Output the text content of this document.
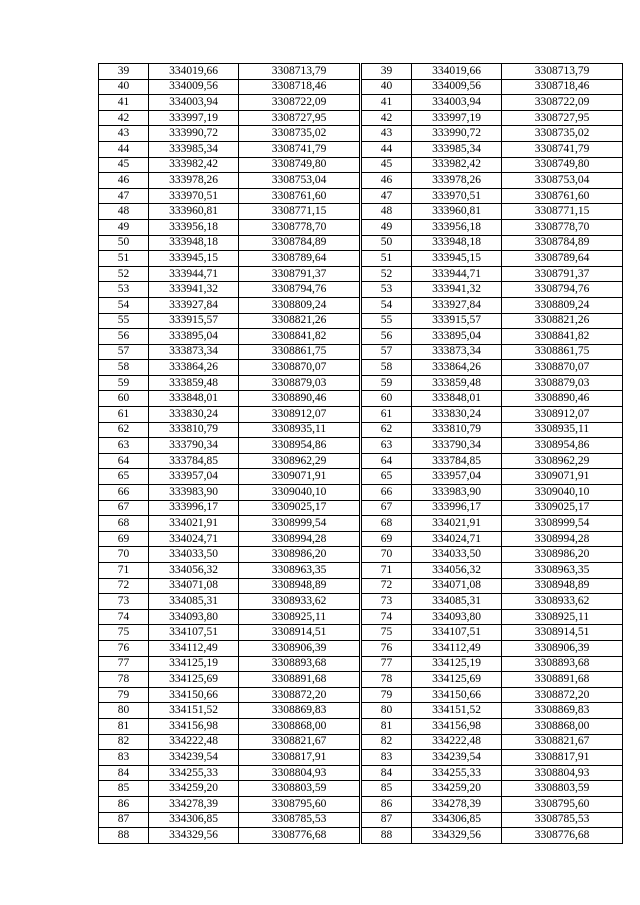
39	334019,66	3308713,79
40	334009,56	3308718,46
41	334003,94	3308722,09
42	333997,19	3308727,95
43	333990,72	3308735,02
44	333985,34	3308741,79
45	333982,42	3308749,80
46	333978,26	3308753,04
47	333970,51	3308761,60
48	333960,81	3308771,15
49	333956,18	3308778,70
50	333948,18	3308784,89
51	333945,15	3308789,64
52	333944,71	3308791,37
53	333941,32	3308794,76
54	333927,84	3308809,24
55	333915,57	3308821,26
56	333895,04	3308841,82
57	333873,34	3308861,75
58	333864,26	3308870,07
59	333859,48	3308879,03
60	333848,01	3308890,46
61	333830,24	3308912,07
62	333810,79	3308935,11
63	333790,34	3308954,86
64	333784,85	3308962,29
65	333957,04	3309071,91
66	333983,90	3309040,10
67	333996,17	3309025,17
68	334021,91	3308999,54
69	334024,71	3308994,28
70	334033,50	3308986,20
71	334056,32	3308963,35
72	334071,08	3308948,89
73	334085,31	3308933,62
74	334093,80	3308925,11
75	334107,51	3308914,51
76	334112,49	3308906,39
77	334125,19	3308893,68
78	334125,69	3308891,68
79	334150,66	3308872,20
80	334151,52	3308869,83
81	334156,98	3308868,00
82	334222,48	3308821,67
83	334239,54	3308817,91
84	334255,33	3308804,93
85	334259,20	3308803,59
86	334278,39	3308795,60
87	334306,85	3308785,53
88	334329,56	3308776,68
39	334019,66	3308713,79
40	334009,56	3308718,46
41	334003,94	3308722,09
42	333997,19	3308727,95
43	333990,72	3308735,02
44	333985,34	3308741,79
45	333982,42	3308749,80
46	333978,26	3308753,04
47	333970,51	3308761,60
48	333960,81	3308771,15
49	333956,18	3308778,70
50	333948,18	3308784,89
51	333945,15	3308789,64
52	333944,71	3308791,37
53	333941,32	3308794,76
54	333927,84	3308809,24
55	333915,57	3308821,26
56	333895,04	3308841,82
57	333873,34	3308861,75
58	333864,26	3308870,07
59	333859,48	3308879,03
60	333848,01	3308890,46
61	333830,24	3308912,07
62	333810,79	3308935,11
63	333790,34	3308954,86
64	333784,85	3308962,29
65	333957,04	3309071,91
66	333983,90	3309040,10
67	333996,17	3309025,17
68	334021,91	3308999,54
69	334024,71	3308994,28
70	334033,50	3308986,20
71	334056,32	3308963,35
72	334071,08	3308948,89
73	334085,31	3308933,62
74	334093,80	3308925,11
75	334107,51	3308914,51
76	334112,49	3308906,39
77	334125,19	3308893,68
78	334125,69	3308891,68
79	334150,66	3308872,20
80	334151,52	3308869,83
81	334156,98	3308868,00
82	334222,48	3308821,67
83	334239,54	3308817,91
84	334255,33	3308804,93
85	334259,20	3308803,59
86	334278,39	3308795,60
87	334306,85	3308785,53
88	334329,56	3308776,68
